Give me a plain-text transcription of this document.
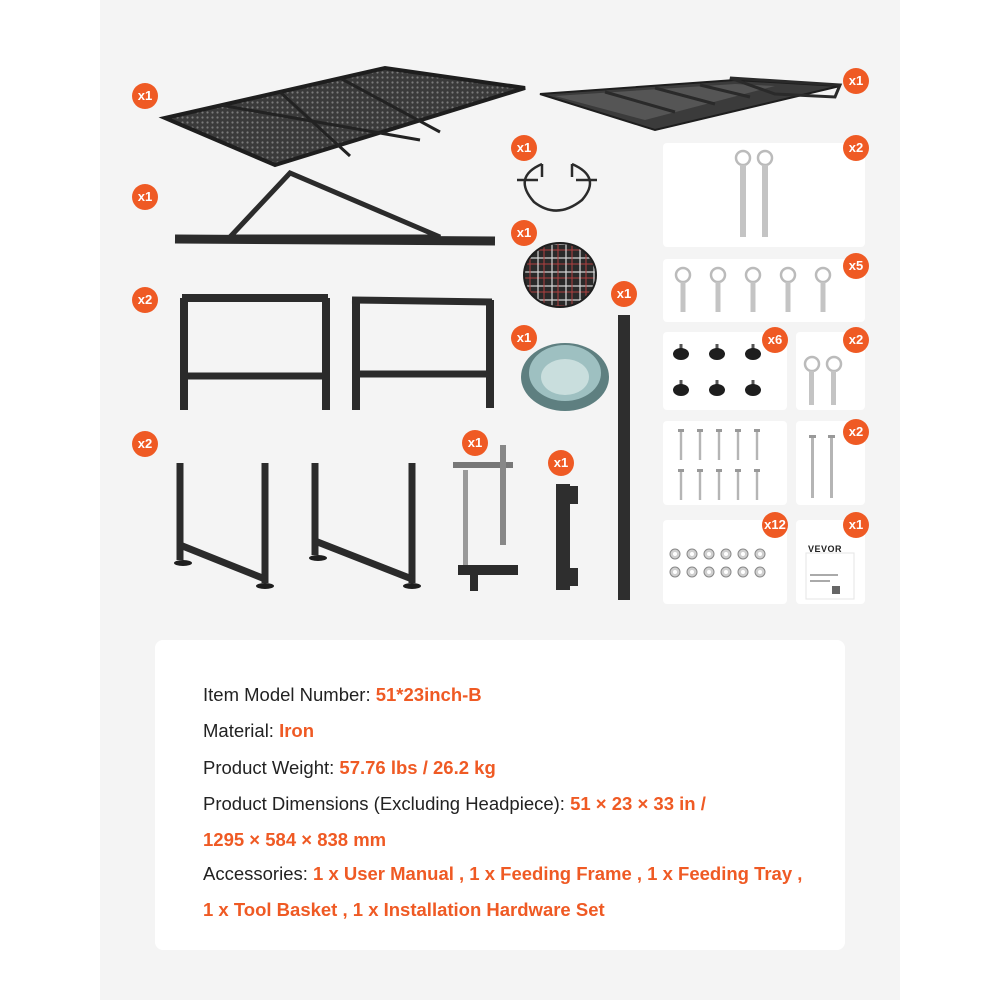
VEVOR
x1
x1
x1
x1
x1
x2
x1
x1
x2	x1
x1
x2
x5
x6	x2
x2
x12	x1
Item Model Number: 51*23inch-B
Material: Iron
Product Weight: 57.76 lbs / 26.2 kg
Product Dimensions (Excluding Headpiece): 51 × 23 × 33 in /
1295 × 584 × 838 mm
Accessories: 1 x User Manual , 1 x Feeding Frame , 1 x Feeding Tray ,
1 x Tool Basket , 1 x Installation Hardware Set
